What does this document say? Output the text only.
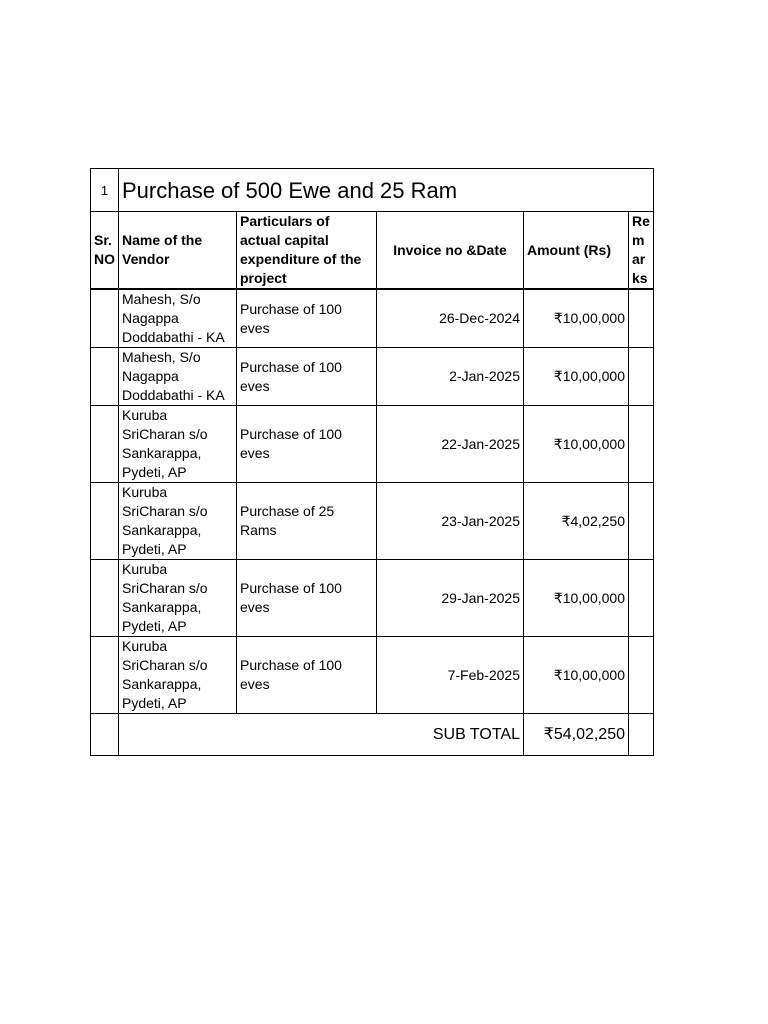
1	Purchase of 500 Ewe and 25 Ram				
Sr. NO	Name of the Vendor	Particulars of actual capital expenditure of the project	Invoice no &Date	Amount (Rs)	Re m ar ks
	Mahesh, S/o Nagappa Doddabathi - KA	Purchase of 100 eves	26-Dec-2024	₹10,00,000	
	Mahesh, S/o Nagappa Doddabathi - KA	Purchase of 100 eves	2-Jan-2025	₹10,00,000	
	Kuruba SriCharan s/o Sankarappa, Pydeti, AP	Purchase of 100 eves	22-Jan-2025	₹10,00,000	
	Kuruba SriCharan s/o Sankarappa, Pydeti, AP	Purchase of 25 Rams	23-Jan-2025	₹4,02,250	
	Kuruba SriCharan s/o Sankarappa, Pydeti, AP	Purchase of 100 eves	29-Jan-2025	₹10,00,000	
	Kuruba SriCharan s/o Sankarappa, Pydeti, AP	Purchase of 100 eves	7-Feb-2025	₹10,00,000	
	SUB TOTAL			₹54,02,250	
